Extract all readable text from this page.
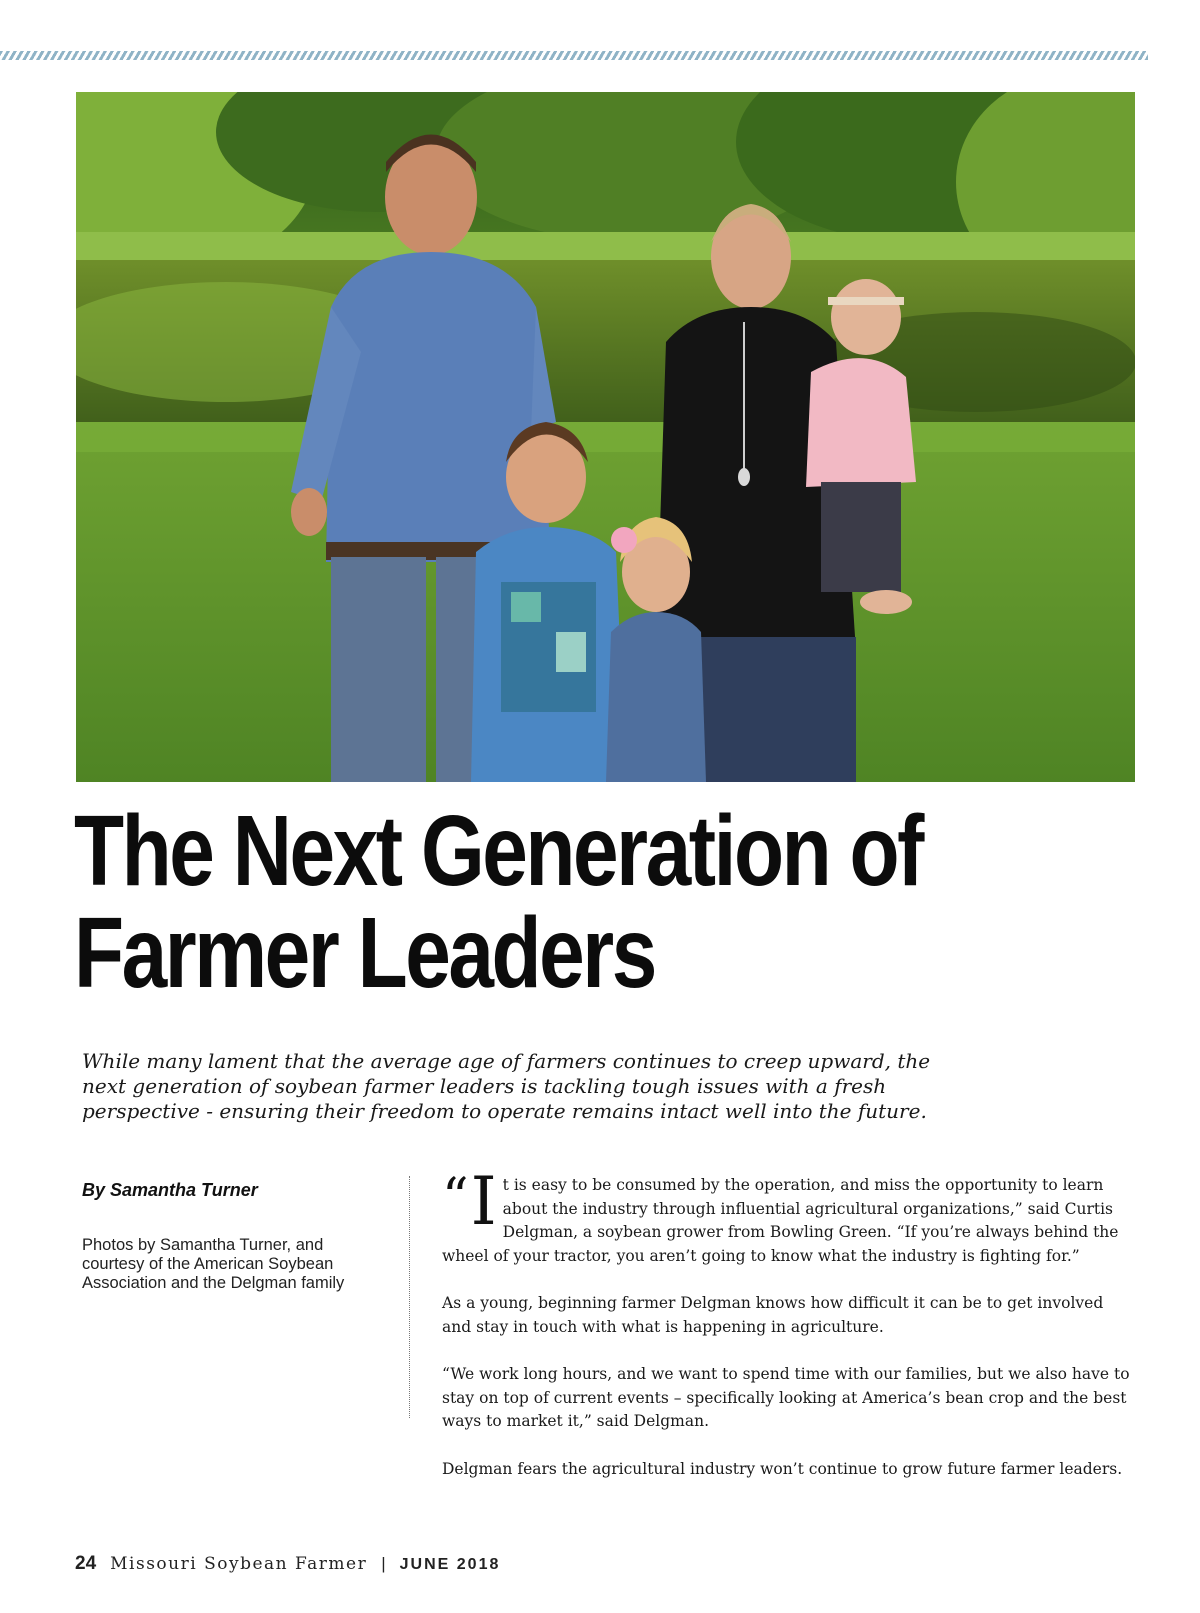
The Next Generation of
Farmer Leaders

While many lament that the average age of farmers continues to creep upward, the next generation of soybean farmer leaders is tackling tough issues with a fresh perspective - ensuring their freedom to operate remains intact well into the future.

By Samantha Turner

Photos by Samantha Turner, and courtesy of the American Soybean Association and the Delgman family

“ I t is easy to be consumed by the operation, and miss the opportunity to learn about the industry through influential agricultural organizations,” said Curtis Delgman, a soybean grower from Bowling Green. “If you’re always behind the wheel of your tractor, you aren’t going to know what the industry is fighting for.”

As a young, beginning farmer Delgman knows how difficult it can be to get involved and stay in touch with what is happening in agriculture.

“We work long hours, and we want to spend time with our families, but we also have to stay on top of current events – specifically looking at America’s bean crop and the best ways to market it,” said Delgman.

Delgman fears the agricultural industry won’t continue to grow future farmer leaders.

24 Missouri Soybean Farmer | JUNE 2018
